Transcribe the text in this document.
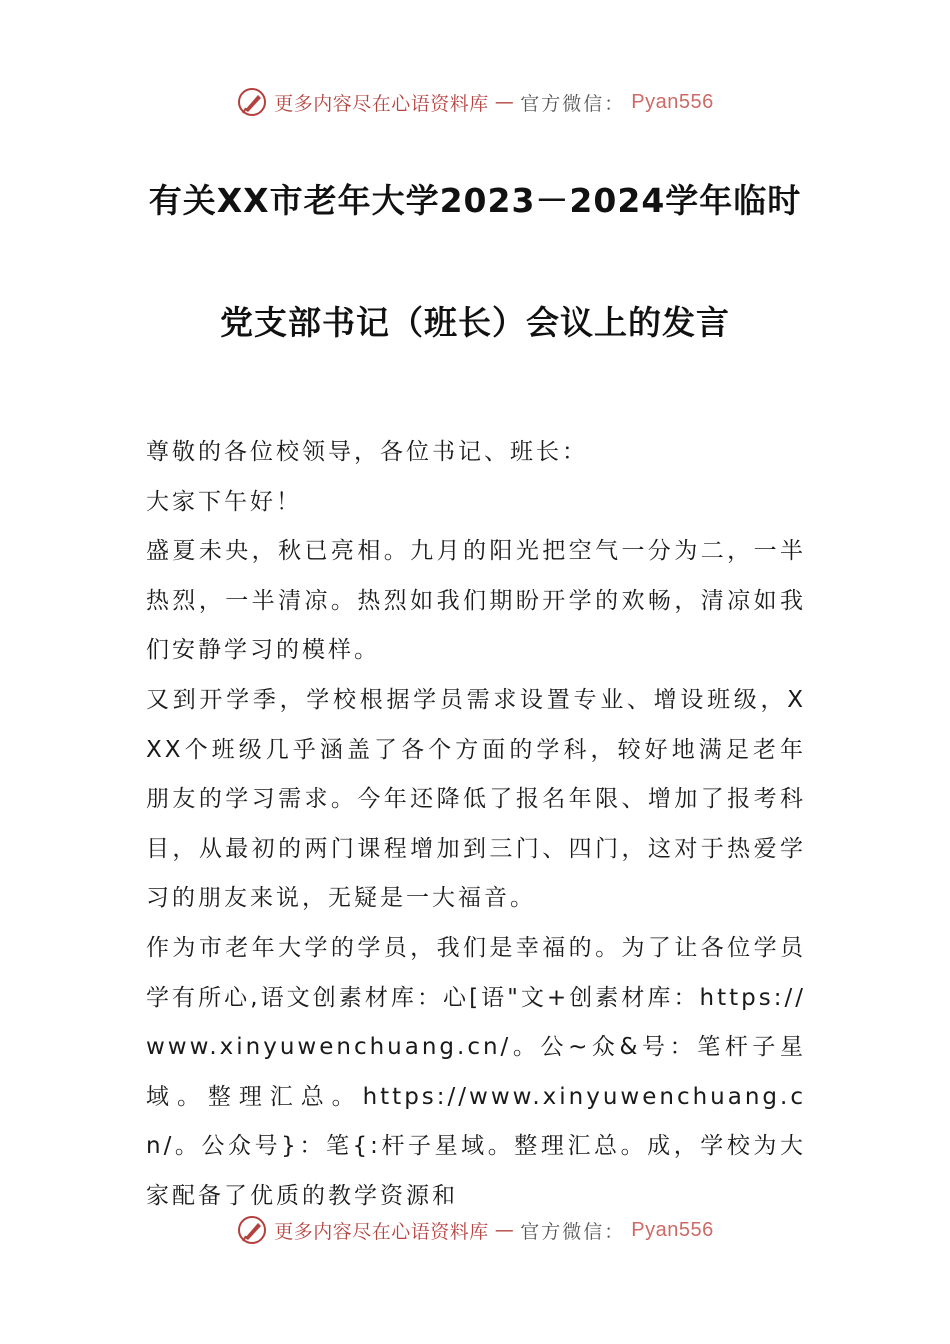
更多内容尽在心语资料库 — 官方微信： Pyan556
有关XX市老年大学2023－2024学年临时
党支部书记（班长）会议上的发言

尊敬的各位校领导，各位书记、班长：

大家下午好！

盛夏未央，秋已亮相。九月的阳光把空气一分为二，一半热烈，一半清凉。热烈如我们期盼开学的欢畅，清凉如我们安静学习的模样。

又到开学季，学校根据学员需求设置专业、增设班级，XXX个班级几乎涵盖了各个方面的学科，较好地满足老年朋友的学习需求。今年还降低了报名年限、增加了报考科目，从最初的两门课程增加到三门、四门，这对于热爱学习的朋友来说，无疑是一大福音。

作为市老年大学的学员，我们是幸福的。为了让各位学员学有所心,语文创素材库：心[语"文+创素材库：https://www.xinyuwenchuang.cn/。公~众&号：笔杆子星域。整理汇总。https://www.xinyuwenchuang.cn/。公众号}：笔{:杆子星域。整理汇总。成，学校为大家配备了优质的教学资源和

更多内容尽在心语资料库 — 官方微信： Pyan556
